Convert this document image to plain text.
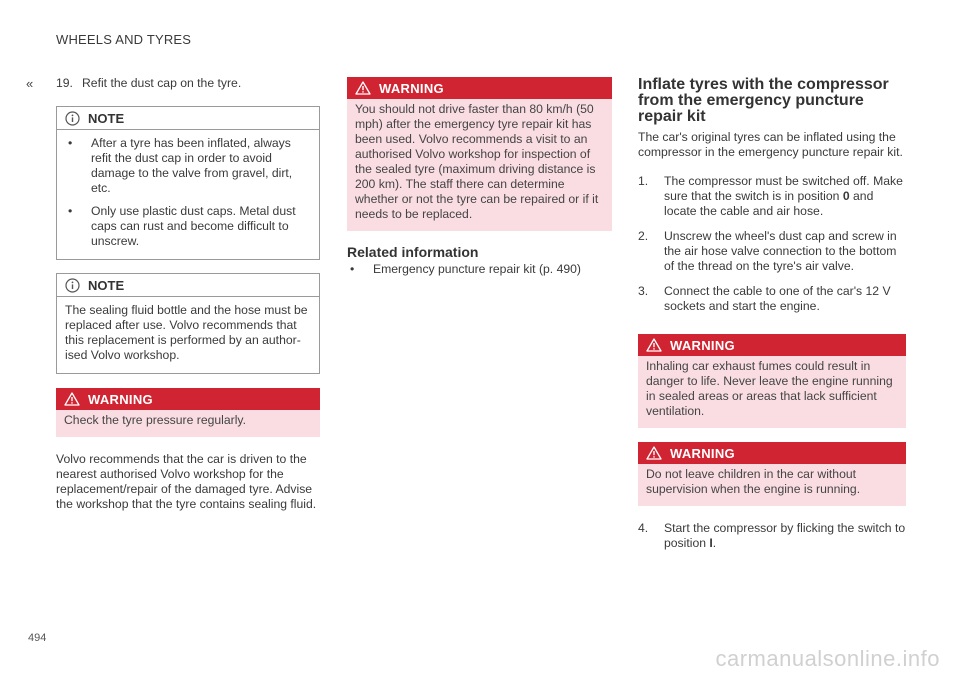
WHEELS AND TYRES
« 19. Refit the dust cap on the tyre.
NOTE
•	After a tyre has been inflated, always refit the dust cap in order to avoid damage to the valve from gravel, dirt, etc.
•	Only use plastic dust caps. Metal dust caps can rust and become difficult to unscrew.
NOTE
The sealing fluid bottle and the hose must be replaced after use. Volvo recommends that this replacement is performed by an authorised Volvo workshop.
WARNING
Check the tyre pressure regularly.

Volvo recommends that the car is driven to the nearest authorised Volvo workshop for the replacement/repair of the damaged tyre. Advise the workshop that the tyre contains sealing fluid.

WARNING
You should not drive faster than 80 km/h (50 mph) after the emergency tyre repair kit has been used. Volvo recommends a visit to an authorised Volvo workshop for inspection of the sealed tyre (maximum driving distance is 200 km). The staff there can determine whether or not the tyre can be repaired or if it needs to be replaced.
Related information
•	Emergency puncture repair kit (p. 490)
Inflate tyres with the compressor from the emergency puncture repair kit

The car's original tyres can be inflated using the compressor in the emergency puncture repair kit.

1.	The compressor must be switched off. Make sure that the switch is in position 0 and locate the cable and air hose.
2.	Unscrew the wheel's dust cap and screw in the air hose valve connection to the bottom of the thread on the tyre's air valve.
3.	Connect the cable to one of the car's 12 V sockets and start the engine.
WARNING
Inhaling car exhaust fumes could result in danger to life. Never leave the engine running in sealed areas or areas that lack sufficient ventilation.
WARNING
Do not leave children in the car without supervision when the engine is running.
4.	Start the compressor by flicking the switch to position I.
494
carmanualsonline.info
